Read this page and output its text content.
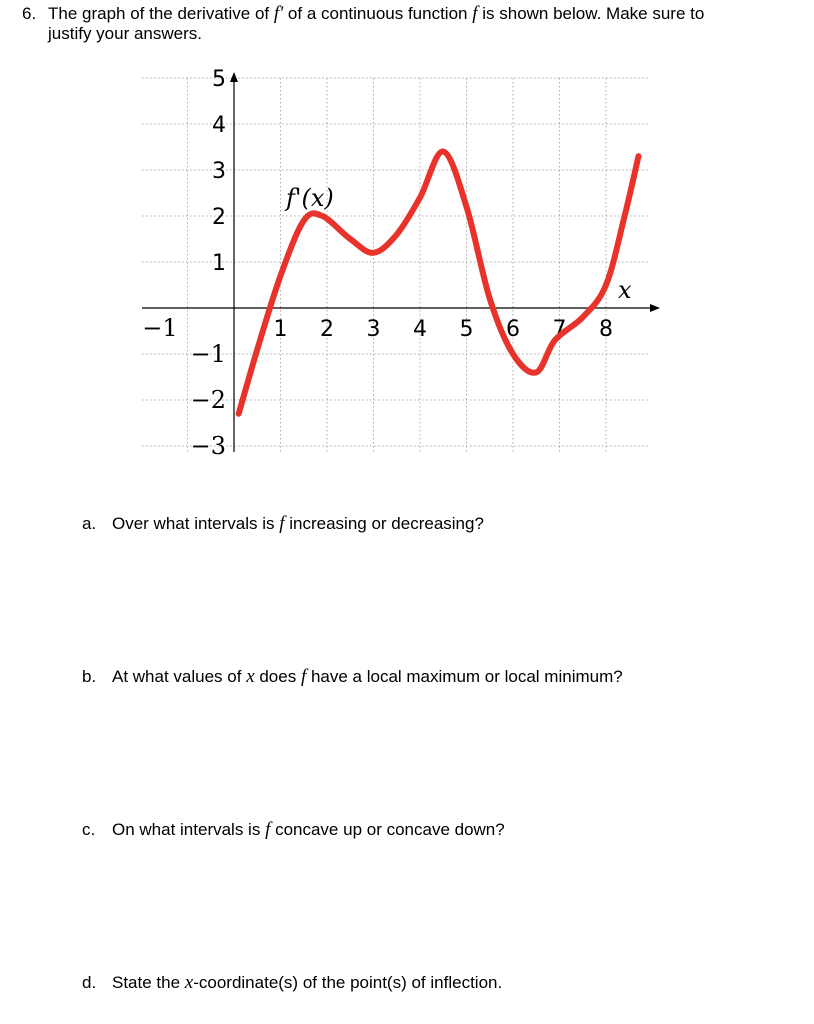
6. The graph of the derivative of f' of a continuous function f is shown below. Make sure to
justify your answers.
−1	1 2 3 4 5 6 7 8
5
4
3
2
1
−1
−2
−3
f'(x)
x
a. Over what intervals is f increasing or decreasing?
b. At what values of x does f have a local maximum or local minimum?
c. On what intervals is f concave up or concave down?
d. State the x-coordinate(s) of the point(s) of inflection.
